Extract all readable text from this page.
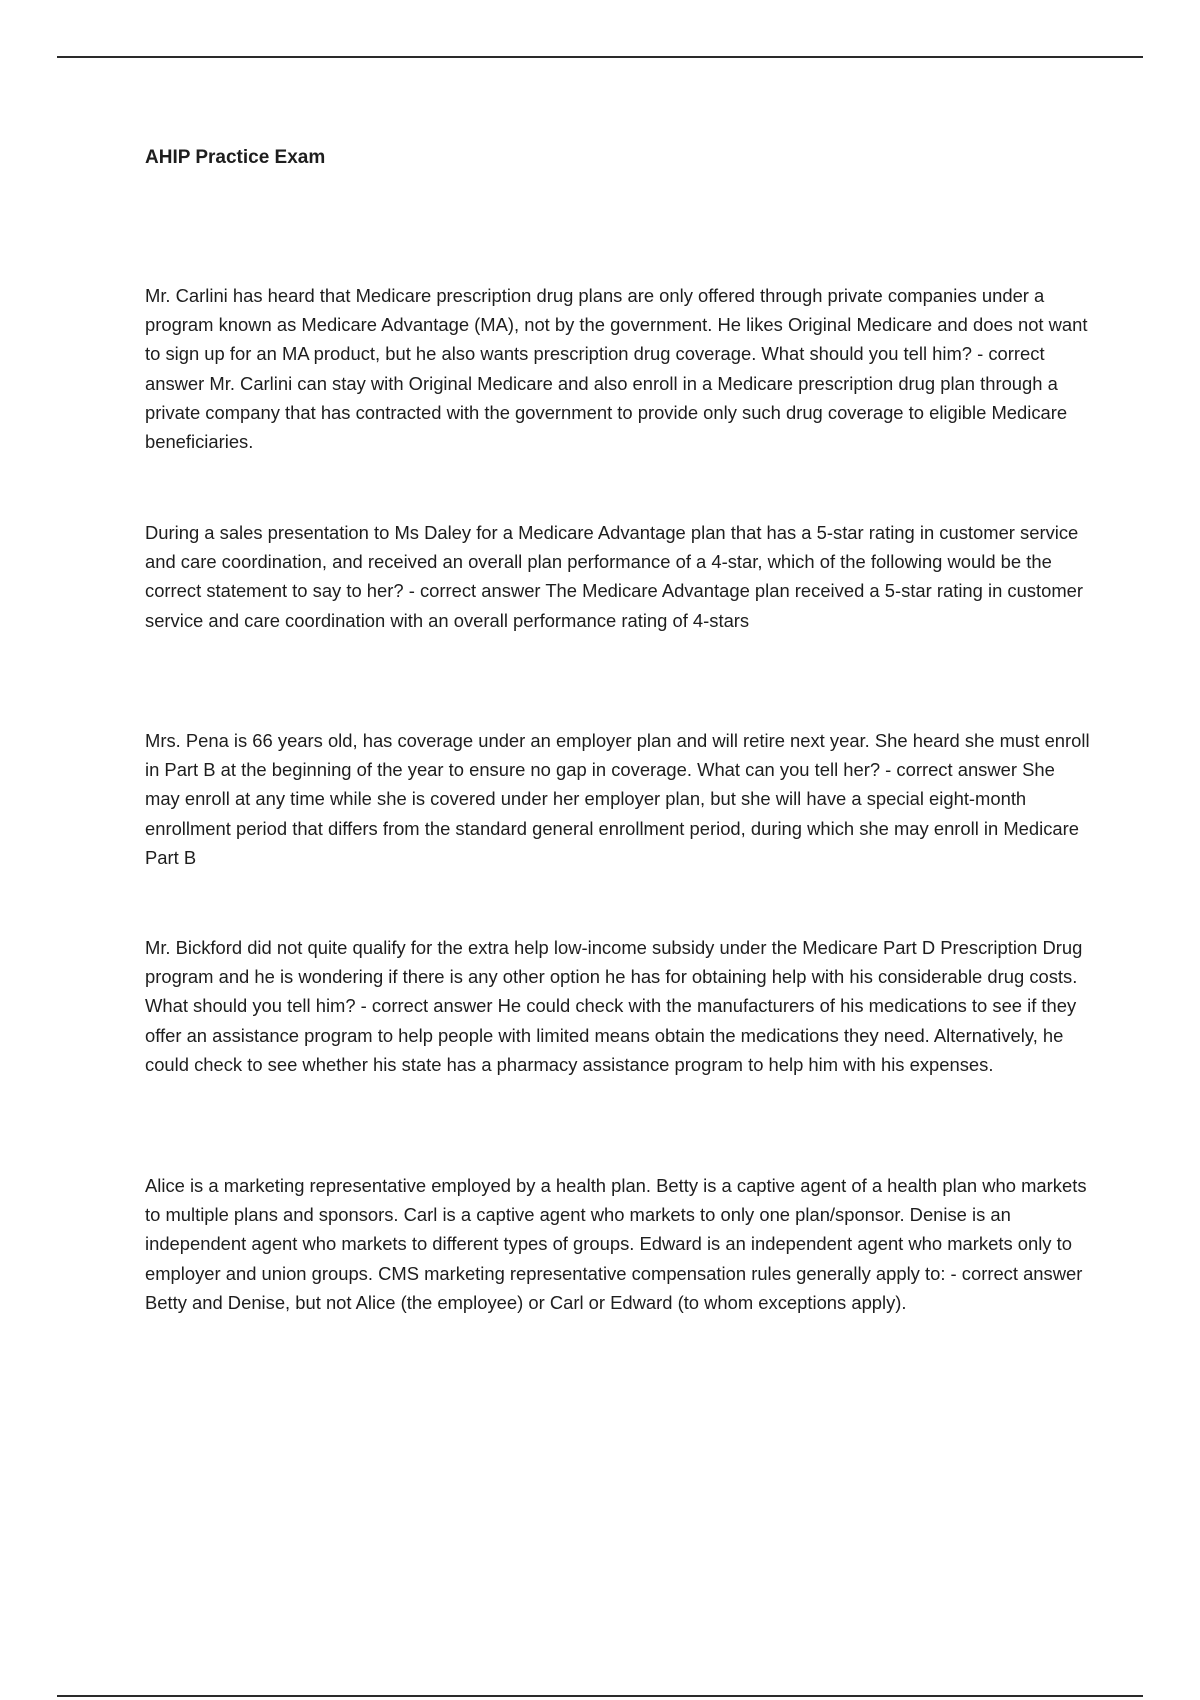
AHIP Practice Exam

Mr. Carlini has heard that Medicare prescription drug plans are only offered through private companies under a program known as Medicare Advantage (MA), not by the government. He likes Original Medicare and does not want to sign up for an MA product, but he also wants prescription drug coverage. What should you tell him? - correct answer Mr. Carlini can stay with Original Medicare and also enroll in a Medicare prescription drug plan through a private company that has contracted with the government to provide only such drug coverage to eligible Medicare beneficiaries.

During a sales presentation to Ms Daley for a Medicare Advantage plan that has a 5-star rating in customer service and care coordination, and received an overall plan performance of a 4-star, which of the following would be the correct statement to say to her? - correct answer The Medicare Advantage plan received a 5-star rating in customer service and care coordination with an overall performance rating of 4-stars

Mrs. Pena is 66 years old, has coverage under an employer plan and will retire next year. She heard she must enroll in Part B at the beginning of the year to ensure no gap in coverage. What can you tell her? - correct answer She may enroll at any time while she is covered under her employer plan, but she will have a special eight-month enrollment period that differs from the standard general enrollment period, during which she may enroll in Medicare Part B

Mr. Bickford did not quite qualify for the extra help low-income subsidy under the Medicare Part D Prescription Drug program and he is wondering if there is any other option he has for obtaining help with his considerable drug costs. What should you tell him? - correct answer He could check with the manufacturers of his medications to see if they offer an assistance program to help people with limited means obtain the medications they need. Alternatively, he could check to see whether his state has a pharmacy assistance program to help him with his expenses.

Alice is a marketing representative employed by a health plan. Betty is a captive agent of a health plan who markets to multiple plans and sponsors. Carl is a captive agent who markets to only one plan/sponsor. Denise is an independent agent who markets to different types of groups. Edward is an independent agent who markets only to employer and union groups. CMS marketing representative compensation rules generally apply to: - correct answer Betty and Denise, but not Alice (the employee) or Carl or Edward (to whom exceptions apply).
